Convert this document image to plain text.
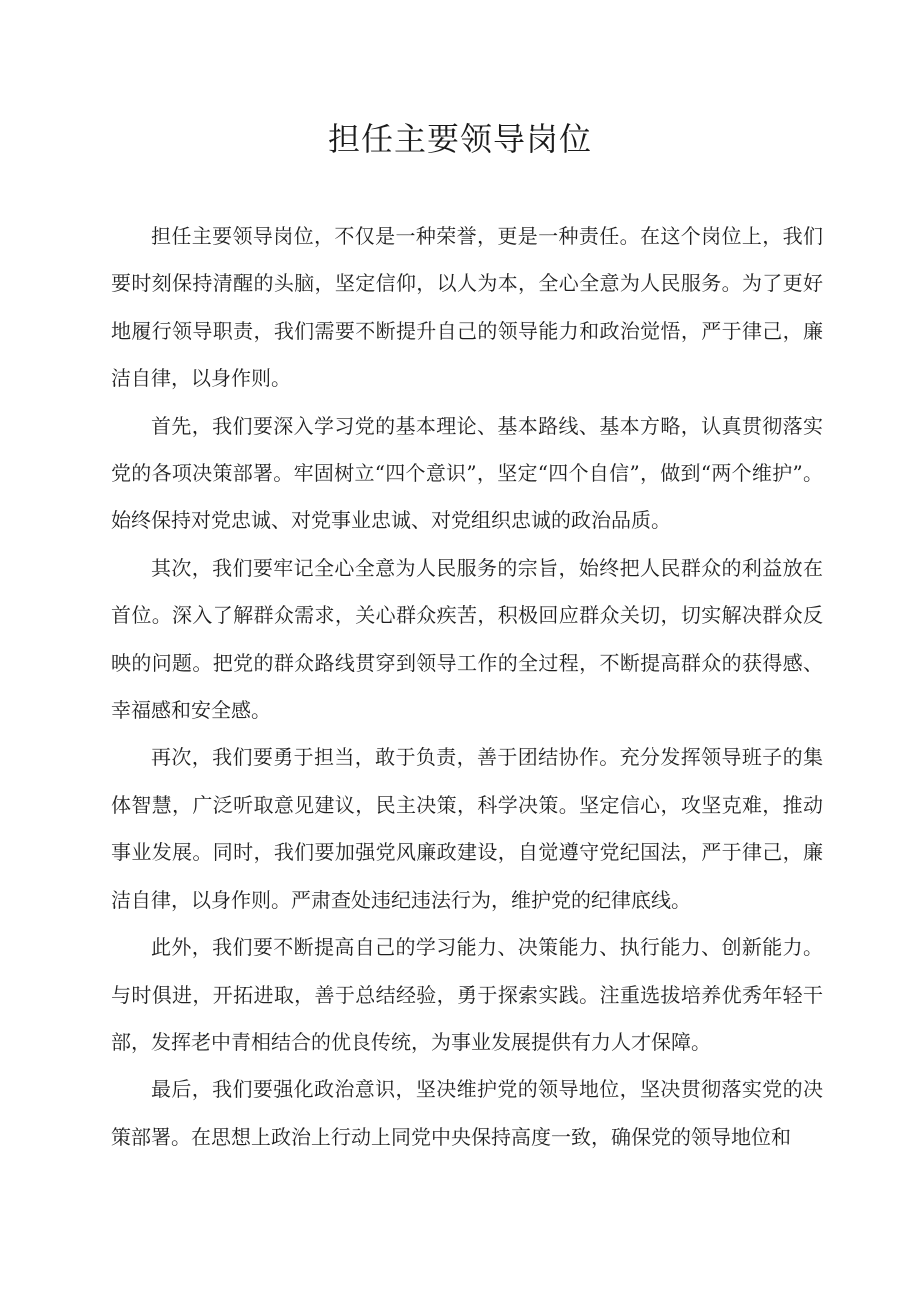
担任主要领导岗位

担任主要领导岗位，不仅是一种荣誉，更是一种责任。在这个岗位上，我们要时刻保持清醒的头脑，坚定信仰，以人为本，全心全意为人民服务。为了更好地履行领导职责，我们需要不断提升自己的领导能力和政治觉悟，严于律己，廉洁自律，以身作则。

首先，我们要深入学习党的基本理论、基本路线、基本方略，认真贯彻落实党的各项决策部署。牢固树立“四个意识”，坚定“四个自信”，做到“两个维护”。始终保持对党忠诚、对党事业忠诚、对党组织忠诚的政治品质。

其次，我们要牢记全心全意为人民服务的宗旨，始终把人民群众的利益放在首位。深入了解群众需求，关心群众疾苦，积极回应群众关切，切实解决群众反映的问题。把党的群众路线贯穿到领导工作的全过程，不断提高群众的获得感、幸福感和安全感。

再次，我们要勇于担当，敢于负责，善于团结协作。充分发挥领导班子的集体智慧，广泛听取意见建议，民主决策，科学决策。坚定信心，攻坚克难，推动事业发展。同时，我们要加强党风廉政建设，自觉遵守党纪国法，严于律己，廉洁自律，以身作则。严肃查处违纪违法行为，维护党的纪律底线。

此外，我们要不断提高自己的学习能力、决策能力、执行能力、创新能力。与时俱进，开拓进取，善于总结经验，勇于探索实践。注重选拔培养优秀年轻干部，发挥老中青相结合的优良传统，为事业发展提供有力人才保障。

最后，我们要强化政治意识，坚决维护党的领导地位，坚决贯彻落实党的决策部署。在思想上政治上行动上同党中央保持高度一致，确保党的领导地位和
